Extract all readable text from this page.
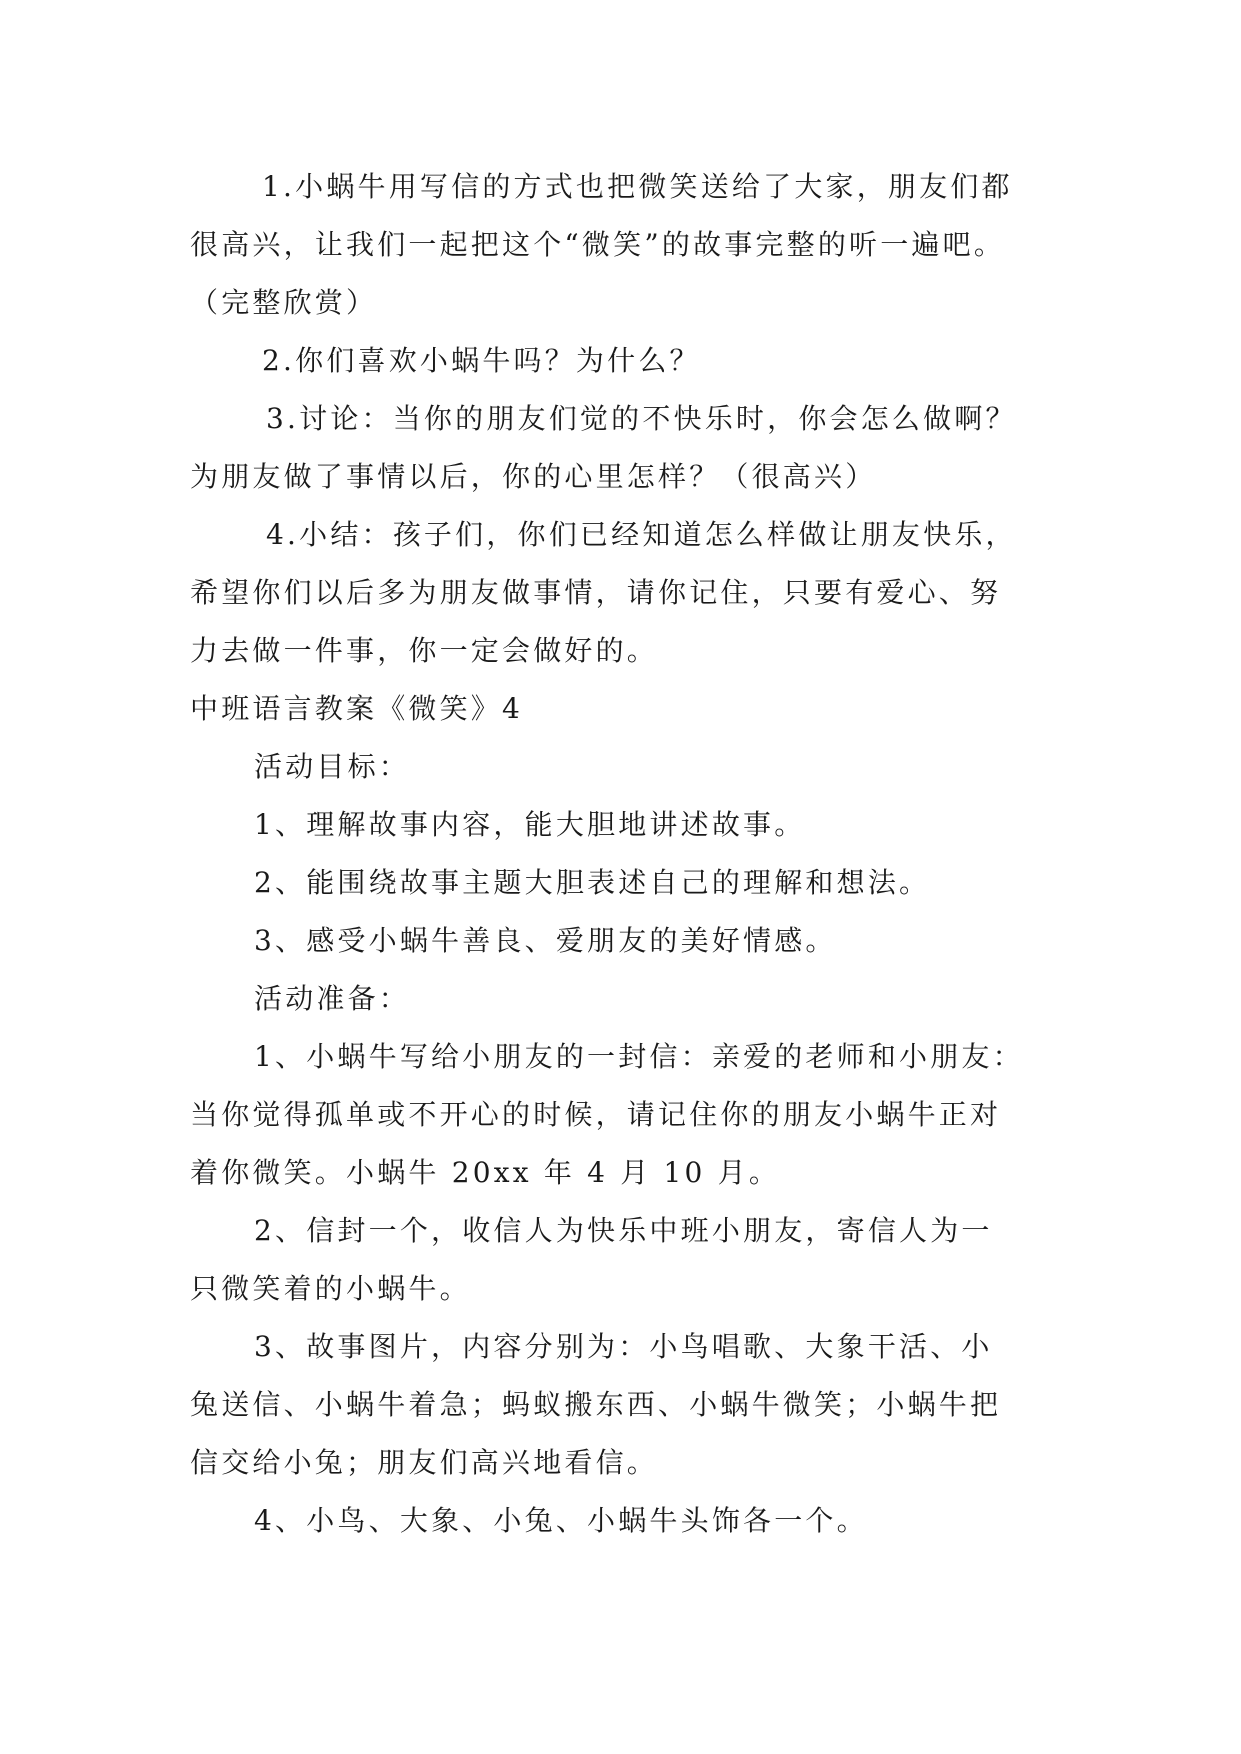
1.小蜗牛用写信的方式也把微笑送给了大家，朋友们都
很高兴，让我们一起把这个“微笑”的故事完整的听一遍吧。
（完整欣赏）

2.你们喜欢小蜗牛吗？为什么？

3.讨论：当你的朋友们觉的不快乐时，你会怎么做啊？
为朋友做了事情以后，你的心里怎样？（很高兴）

4.小结：孩子们，你们已经知道怎么样做让朋友快乐，
希望你们以后多为朋友做事情，请你记住，只要有爱心、努
力去做一件事，你一定会做好的。

中班语言教案《微笑》4

活动目标：

1、理解故事内容，能大胆地讲述故事。

2、能围绕故事主题大胆表述自己的理解和想法。

3、感受小蜗牛善良、爱朋友的美好情感。

活动准备：

1、小蜗牛写给小朋友的一封信：亲爱的老师和小朋友：
当你觉得孤单或不开心的时候，请记住你的朋友小蜗牛正对
着你微笑。小蜗牛 20xx 年 4 月 10 月。

2、信封一个，收信人为快乐中班小朋友，寄信人为一
只微笑着的小蜗牛。

3、故事图片，内容分别为：小鸟唱歌、大象干活、小
兔送信、小蜗牛着急；蚂蚁搬东西、小蜗牛微笑；小蜗牛把
信交给小兔；朋友们高兴地看信。

4、小鸟、大象、小兔、小蜗牛头饰各一个。
